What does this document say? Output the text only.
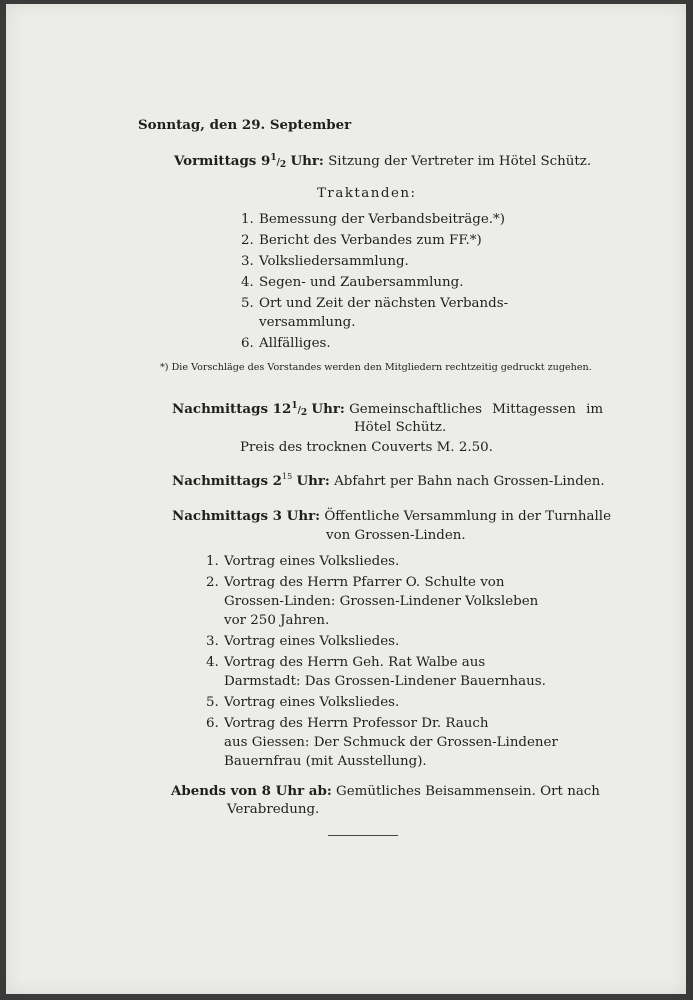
Sonntag, den 29. September
Vormittags 91/2 Uhr: Sitzung der Vertreter im Hötel Schütz.
Traktanden:
1. Bemessung der Verbandsbeiträge.*)
2. Bericht des Verbandes zum FF.*)
3. Volksliedersammlung.
4. Segen- und Zaubersammlung.
5. Ort und Zeit der nächsten Verbands-
versammlung.
6. Allfälliges.
*) Die Vorschläge des Vorstandes werden den Mitgliedern rechtzeitig gedruckt zugehen.
Nachmittags 121/2 Uhr: Gemeinschaftliches Mittagessen im
Hötel Schütz.
Preis des trocknen Couverts M. 2.50.
Nachmittags $2^{15}$ Uhr: Abfahrt per Bahn nach Grossen-Linden.
Nachmittags 3 Uhr: Öffentliche Versammlung in der Turnhalle
von Grossen-Linden.
1. Vortrag eines Volksliedes.
2. Vortrag des Herrn Pfarrer O. Schulte von
Grossen-Linden: Grossen-Lindener Volksleben
vor 250 Jahren.
3. Vortrag eines Volksliedes.
4. Vortrag des Herrn Geh. Rat Walbe aus
Darmstadt: Das Grossen-Lindener Bauernhaus.
5. Vortrag eines Volksliedes.
6. Vortrag des Herrn Professor Dr. Rauch
aus Giessen: Der Schmuck der Grossen-Lindener
Bauernfrau (mit Ausstellung).
Abends von 8 Uhr ab: Gemütliches Beisammensein. Ort nach
Verabredung.
